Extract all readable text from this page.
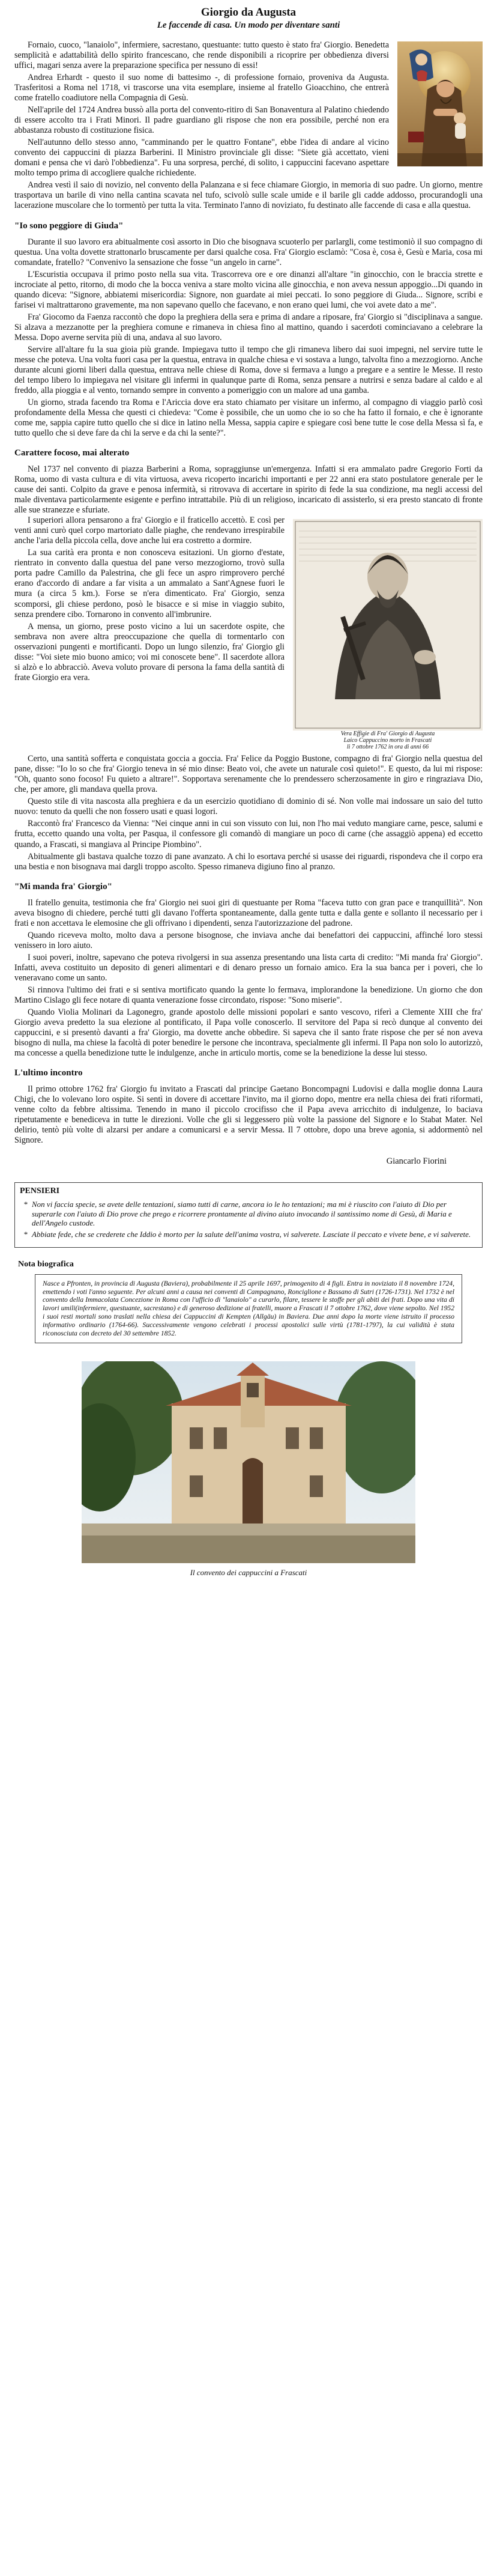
Giorgio da Augusta
Le faccende di casa. Un modo per diventare santi

Fornaio, cuoco, "lanaiolo", infermiere, sacrestano, questuante: tutto questo è stato fra' Giorgio. Benedetta semplicità e adattabilità dello spirito francescano, che rende disponibili a ricoprire per obbedienza diversi uffici, magari senza avere la preparazione specifica per nessuno di essi!

Andrea Erhardt - questo il suo nome di battesimo -, di professione fornaio, proveniva da Augusta. Trasferitosi a Roma nel 1718, vi trascorse una vita esemplare, insieme al fratello Gioacchino, che entrerà come fratello coadiutore nella Compagnia di Gesù.

Nell'aprile del 1724 Andrea bussò alla porta del convento-ritiro di San Bonaventura al Palatino chiedendo di essere accolto tra i Frati Minori. Il padre guardiano gli rispose che non era possibile, perché non era abbastanza robusto di costituzione fisica.

Nell'autunno dello stesso anno, "camminando per le quattro Fontane", ebbe l'idea di andare al vicino convento dei cappuccini di piazza Barberini. Il Ministro provinciale gli disse: "Siete già accettato, vieni domani e pensa che vi darò l'obbedienza". Fu una sorpresa, perché, di solito, i cappuccini facevano aspettare molto tempo prima di accogliere qualche richiedente.

Andrea vestì il saio di novizio, nel convento della Palanzana e si fece chiamare Giorgio, in memoria di suo padre. Un giorno, mentre trasportava un barile di vino nella cantina scavata nel tufo, scivolò sulle scale umide e il barile gli cadde addosso, procurandogli una lacerazione muscolare che lo tormentò per tutta la vita. Terminato l'anno di noviziato, fu destinato alle faccende di casa e alla questua.

"Io sono peggiore di Giuda"

Durante il suo lavoro era abitualmente così assorto in Dio che bisognava scuoterlo per parlargli, come testimoniò il suo compagno di questua. Una volta dovette strattonarlo bruscamente per darsi qualche cosa. Fra' Giorgio esclamò: "Cosa è, cosa è, Gesù e Maria, cosa mi comandate, fratello? "Convenivo la sensazione che fosse "un angelo in carne".

L'Escuristia occupava il primo posto nella sua vita. Trascorreva ore e ore dinanzi all'altare "in ginocchio, con le braccia strette e incrociate al petto, ritorno, di modo che la bocca veniva a stare molto vicina alle ginocchia, e non aveva nessun appoggio...Di quando in quando diceva: "Signore, abbiatemi misericordia: Signore, non guardate ai miei peccati. Io sono peggiore di Giuda... Signore, scribi e farisei vi maltrattarono gravemente, ma non sapevano quello che facevano, e non erano quei lumi, che voi avete dato a me".

Fra' Giocomo da Faenza raccontò che dopo la preghiera della sera e prima di andare a riposare, fra' Giorgio si "disciplinava a sangue. Si alzava a mezzanotte per la preghiera comune e rimaneva in chiesa fino al mattino, quando i sacerdoti cominciavano a celebrare la Messa. Dopo averne servita più di una, andava al suo lavoro.

Servire all'altare fu la sua gioia più grande. Impiegava tutto il tempo che gli rimaneva libero dai suoi impegni, nel servire tutte le messe che poteva. Una volta fuori casa per la questua, entrava in qualche chiesa e vi sostava a lungo, talvolta fino a mezzogiorno. Anche durante alcuni giorni liberi dalla questua, entrava nelle chiese di Roma, dove si fermava a lungo a pregare e a sentire le Messe. Il resto del tempo libero lo impiegava nel visitare gli infermi in qualunque parte di Roma, senza pensare a nutrirsi e senza badare al caldo e al freddo, alla pioggia e al vento, tornando sempre in convento a pomeriggio con un malore ad una gamba.

Un giorno, strada facendo tra Roma e l'Ariccia dove era stato chiamato per visitare un infermo, al compagno di viaggio parlò così profondamente della Messa che questi ci chiedeva: "Come è possibile, che un uomo che io so che ha fatto il fornaio, e che è ignorante come me, sappia capire tutto quello che si dice in latino nella Messa, sappia capire e spiegare così bene tutte le cose della Messa sì fa, e tutto quello che si deve fare da chi la serve e da chi la sente?".

Carattere focoso, mai alterato

Nel 1737 nel convento di piazza Barberini a Roma, sopraggiunse un'emergenza. Infatti si era ammalato padre Gregorio Forti da Roma, uomo di vasta cultura e di vita virtuosa, aveva ricoperto incarichi importanti e per 22 anni era stato postulatore generale per le cause dei santi. Colpito da grave e penosa infermità, si ritrovava di accertare in spirito di fede la sua condizione, ma negli accessi del male diventava particolarmente esigente e perfino intrattabile. Più di un religioso, incaricato di assisterlo, si era presto stancato di fronte alle sue stranezze e sfuriate.

Vera Effigie di Fra' Giorgio di Augusta
Laico Cappuccino morto in Frascati
li 7 ottobre 1762 in ora di anni 66

I superiori allora pensarono a fra' Giorgio e il fraticello accettò. E così per venti anni curò quel corpo martoriato dalle piaghe, che rendevano irrespirabile anche l'aria della piccola cella, dove anche lui era costretto a dormire.

La sua carità era pronta e non conosceva esitazioni. Un giorno d'estate, rientrato in convento dalla questua del pane verso mezzogiorno, trovò sulla porta padre Camillo da Palestrina, che gli fece un aspro rimprovero perché erano d'accordo di andare a far visita a un ammalato a Sant'Agnese fuori le mura (a circa 5 km.). Forse se n'era dimenticato. Fra' Giorgio, senza scomporsi, gli chiese perdono, posò le bisacce e si mise in viaggio subito, senza prendere cibo. Tornarono in convento all'imbrunire.

A mensa, un giorno, prese posto vicino a lui un sacerdote ospite, che sembrava non avere altra preoccupazione che quella di tormentarlo con osservazioni pungenti e mortificanti. Dopo un lungo silenzio, fra' Giorgio gli disse: "Voi siete mio buono amico; voi mi conoscete bene". Il sacerdote allora si alzò e lo abbracciò. Aveva voluto provare di persona la fama della santità di frate Giorgio era vera.

Certo, una santità sofferta e conquistata goccia a goccia. Fra' Felice da Poggio Bustone, compagno di fra' Giorgio nella questua del pane, disse: "Io lo so che fra' Giorgio teneva in sé mio dinse: Beato voi, che avete un naturale così quieto!". E questo, da lui mi rispose: "Oh, quanto sono focoso! Fu quieto a altrare!". Sopportava serenamente che lo prendessero scherzosamente in giro e ringraziava Dio, che, per amore, gli mandava quella prova.

Questo stile di vita nascosta alla preghiera e da un esercizio quotidiano di dominio di sé. Non volle mai indossare un saio del tutto nuovo: tenuto da quelli che non fossero usati e quasi logori.

Raccontò fra' Francesco da Vienna: "Nei cinque anni in cui son vissuto con lui, non l'ho mai veduto mangiare carne, pesce, salumi e frutta, eccetto quando una volta, per Pasqua, il confessore gli comandò di mangiare un poco di carne (che assaggiò appena) ed eccetto quando, a Frascati, si mangiava al Principe Piombino".

Abitualmente gli bastava qualche tozzo di pane avanzato. A chi lo esortava perché si usasse dei riguardi, rispondeva che il corpo era una bestia e non bisognava mai dargli troppo ascolto. Spesso rimaneva digiuno fino al pranzo.

"Mi manda fra' Giorgio"

Il fratello genuita, testimonia che fra' Giorgio nei suoi giri di questuante per Roma "faceva tutto con gran pace e tranquillità". Non aveva bisogno di chiedere, perché tutti gli davano l'offerta spontaneamente, dalla gente tutta e dalla gente e sollanto il necessario per i frati e non accettava le elemosine che gli offrivano i dipendenti, senza l'autorizzazione del padrone.

Quando riceveva molto, molto dava a persone bisognose, che inviava anche dai benefattori dei cappuccini, affinché loro stessi venissero in loro aiuto.

I suoi poveri, inoltre, sapevano che poteva rivolgersi in sua assenza presentando una lista carta di credito: "Mi manda fra' Giorgio". Infatti, aveva costituito un deposito di generi alimentari e di denaro presso un fornaio amico. Era la sua banca per i poveri, che lo veneravano come un santo.

Si rinnova l'ultimo dei frati e si sentiva mortificato quando la gente lo fermava, implorandone la benedizione. Un giorno che don Martino Cislago gli fece notare di quanta venerazione fosse circondato, rispose: "Sono miserie".

Quando Violia Molinari da Lagonegro, grande apostolo delle missioni popolari e santo vescovo, riferì a Clemente XIII che fra' Giorgio aveva predetto la sua elezione al pontificato, il Papa volle conoscerlo. Il servitore del Papa si recò dunque al convento dei cappuccini, e si presentò davanti a fra' Giorgio, ma dovette anche obbedire. Si sapeva che il santo frate rispose che per sé non aveva bisogno di nulla, ma chiese la facoltà di poter benedire le persone che incontrava, specialmente gli infermi. Il Papa non solo lo autorizzò, ma concesse a quella benedizione tutte le indulgenze, anche in articulo mortis, come se la benedizione la desse lui stesso.

L'ultimo incontro

Il primo ottobre 1762 fra' Giorgio fu invitato a Frascati dal principe Gaetano Boncompagni Ludovisi e dalla moglie donna Laura Chigi, che lo volevano loro ospite. Si sentì in dovere di accettare l'invito, ma il giorno dopo, mentre era nella chiesa dei frati riformati, venne colto da febbre altissima. Tenendo in mano il piccolo crocifisso che il Papa aveva arricchito di indulgenze, lo baciava ripetutamente e benediceva in tutte le direzioni. Volle che gli si leggessero più volte la passione del Signore e lo Stabat Mater. Nel delirio, tentò più volte di alzarsi per andare a comunicarsi e a servir Messa. Il 7 ottobre, dopo una breve agonia, si addormentò nel Signore.

Giancarlo Fiorini
PENSIERI
* Non vi faccia specie, se avete delle tentazioni, siamo tutti di carne, ancora io le ho tentazioni; ma mi è riuscito con l'aiuto di Dio per superarle con l'aiuto di Dio prove che prego e ricorrere prontamente al divino aiuto invocando il santissimo nome di Gesù, di Maria e dell'Angelo custode.
* Abbiate fede, che se crederete che Iddio è morto per la salute dell'anima vostra, vi salverete. Lasciate il peccato e vivete bene, e vi salverete.
Nota biografica
Nasce a Pfronten, in provincia di Augusta (Baviera), probabilmente il 25 aprile 1697, primogenito di 4 figli. Entra in noviziato il 8 novembre 1724, emettendo i voti l'anno seguente. Per alcuni anni a causa nei conventi di Campagnano, Ronciglione e Bassano di Sutri (1726-1731). Nel 1732 è nel convento della Immacolata Concezione in Roma con l'ufficio di "lanaiolo" a curarlo, filare, tessere le stoffe per gli abiti dei frati. Dopo una vita di lavori umili(infermiere, questuante, sacrestano) e di generoso dedizione ai fratelli, muore a Frascati il 7 ottobre 1762, dove viene sepolto. Nel 1952 i suoi resti mortali sono traslati nella chiesa dei Cappuccini di Kempten (Allgäu) in Baviera. Due anni dopo la morte viene istruito il processo informativo ordinario (1764-66). Successivamente vengono celebrati i processi apostolici sulle virtù (1781-1797), la cui validità è stata riconosciuta con decreto del 30 settembre 1852.
Il convento dei cappuccini a Frascati
